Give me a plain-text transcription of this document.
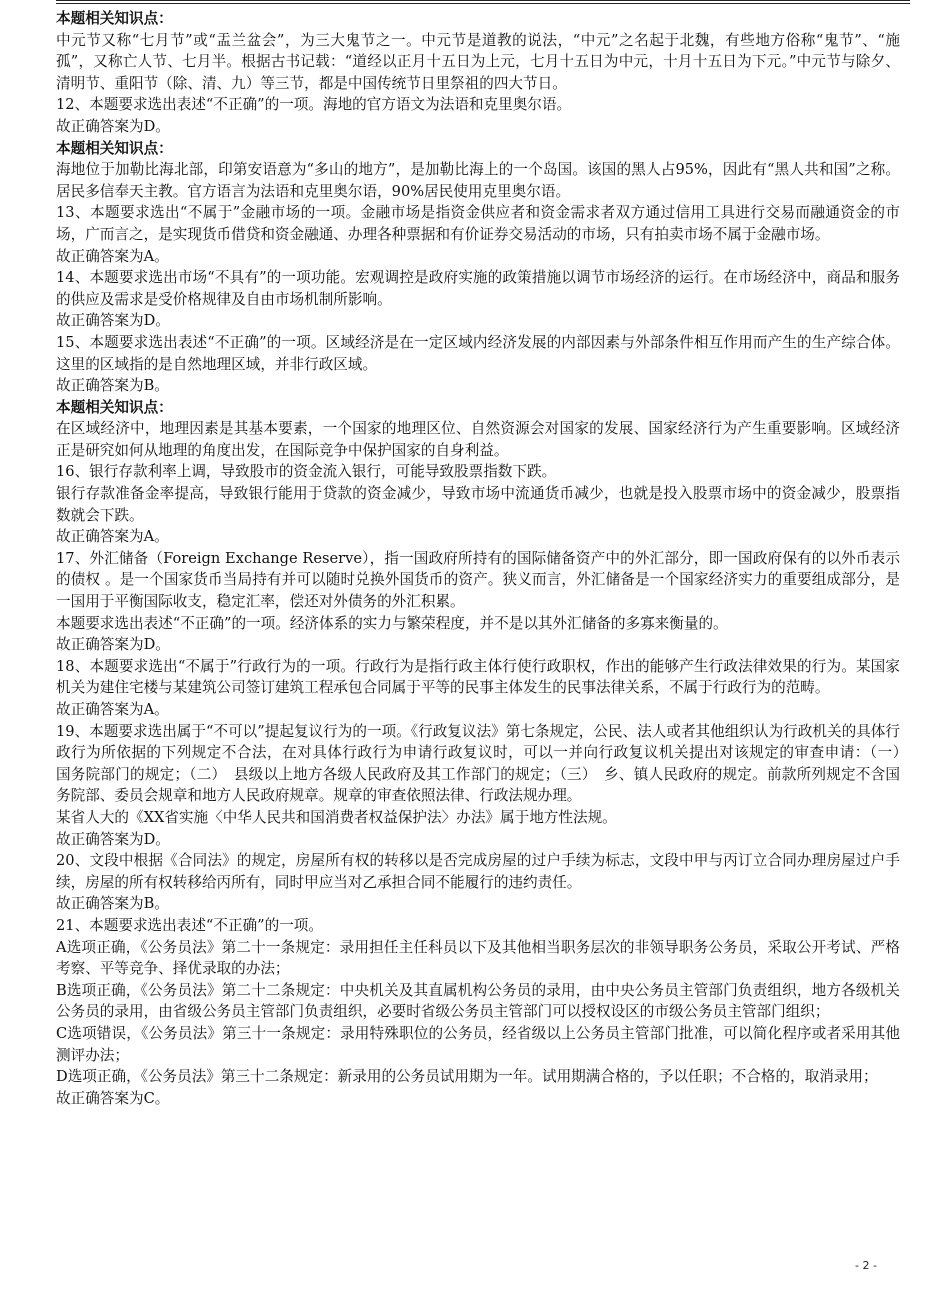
本题相关知识点：

中元节又称“七月节”或“盂兰盆会”，为三大鬼节之一。中元节是道教的说法，“中元”之名起于北魏，有些地方俗称“鬼节”、“施孤”，又称亡人节、七月半。根据古书记载：“道经以正月十五日为上元，七月十五日为中元，十月十五日为下元。”中元节与除夕、清明节、重阳节（除、清、九）等三节，都是中国传统节日里祭祖的四大节日。

12、本题要求选出表述“不正确”的一项。海地的官方语文为法语和克里奥尔语。

故正确答案为D。

本题相关知识点：

海地位于加勒比海北部，印第安语意为“多山的地方”，是加勒比海上的一个岛国。该国的黑人占95%，因此有“黑人共和国”之称。居民多信奉天主教。官方语言为法语和克里奥尔语，90%居民使用克里奥尔语。

13、本题要求选出“不属于”金融市场的一项。金融市场是指资金供应者和资金需求者双方通过信用工具进行交易而融通资金的市场，广而言之，是实现货币借贷和资金融通、办理各种票据和有价证券交易活动的市场，只有拍卖市场不属于金融市场。

故正确答案为A。

14、本题要求选出市场“不具有”的一项功能。宏观调控是政府实施的政策措施以调节市场经济的运行。在市场经济中，商品和服务的供应及需求是受价格规律及自由市场机制所影响。

故正确答案为D。

15、本题要求选出表述“不正确”的一项。区域经济是在一定区域内经济发展的内部因素与外部条件相互作用而产生的生产综合体。这里的区域指的是自然地理区域，并非行政区域。

故正确答案为B。

本题相关知识点：

在区域经济中，地理因素是其基本要素，一个国家的地理区位、自然资源会对国家的发展、国家经济行为产生重要影响。区域经济正是研究如何从地理的角度出发，在国际竞争中保护国家的自身利益。

16、银行存款利率上调，导致股市的资金流入银行，可能导致股票指数下跌。

银行存款准备金率提高，导致银行能用于贷款的资金减少，导致市场中流通货币减少，也就是投入股票市场中的资金减少，股票指数就会下跌。

故正确答案为A。

17、外汇储备（Foreign Exchange Reserve），指一国政府所持有的国际储备资产中的外汇部分，即一国政府保有的以外币表示的债权 。是一个国家货币当局持有并可以随时兑换外国货币的资产。狭义而言，外汇储备是一个国家经济实力的重要组成部分，是一国用于平衡国际收支，稳定汇率，偿还对外债务的外汇积累。

本题要求选出表述“不正确”的一项。经济体系的实力与繁荣程度，并不是以其外汇储备的多寡来衡量的。

故正确答案为D。

18、本题要求选出“不属于”行政行为的一项。行政行为是指行政主体行使行政职权，作出的能够产生行政法律效果的行为。某国家机关为建住宅楼与某建筑公司签订建筑工程承包合同属于平等的民事主体发生的民事法律关系，不属于行政行为的范畴。

故正确答案为A。

19、本题要求选出属于“不可以”提起复议行为的一项。《行政复议法》第七条规定，公民、法人或者其他组织认为行政机关的具体行政行为所依据的下列规定不合法，在对具体行政行为申请行政复议时，可以一并向行政复议机关提出对该规定的审查申请：（一）　国务院部门的规定；（二）　县级以上地方各级人民政府及其工作部门的规定；（三）　乡、镇人民政府的规定。前款所列规定不含国务院部、委员会规章和地方人民政府规章。规章的审查依照法律、行政法规办理。

某省人大的《XX省实施〈中华人民共和国消费者权益保护法〉办法》属于地方性法规。

故正确答案为D。

20、文段中根据《合同法》的规定，房屋所有权的转移以是否完成房屋的过户手续为标志，文段中甲与丙订立合同办理房屋过户手续，房屋的所有权转移给丙所有，同时甲应当对乙承担合同不能履行的违约责任。

故正确答案为B。

21、本题要求选出表述“不正确”的一项。

A选项正确，《公务员法》第二十一条规定：录用担任主任科员以下及其他相当职务层次的非领导职务公务员，采取公开考试、严格考察、平等竞争、择优录取的办法；

B选项正确，《公务员法》第二十二条规定：中央机关及其直属机构公务员的录用，由中央公务员主管部门负责组织，地方各级机关公务员的录用，由省级公务员主管部门负责组织，必要时省级公务员主管部门可以授权设区的市级公务员主管部门组织；

C选项错误，《公务员法》第三十一条规定：录用特殊职位的公务员，经省级以上公务员主管部门批准，可以简化程序或者采用其他测评办法；

D选项正确，《公务员法》第三十二条规定：新录用的公务员试用期为一年。试用期满合格的，予以任职；不合格的，取消录用；

故正确答案为C。

- 2 -
